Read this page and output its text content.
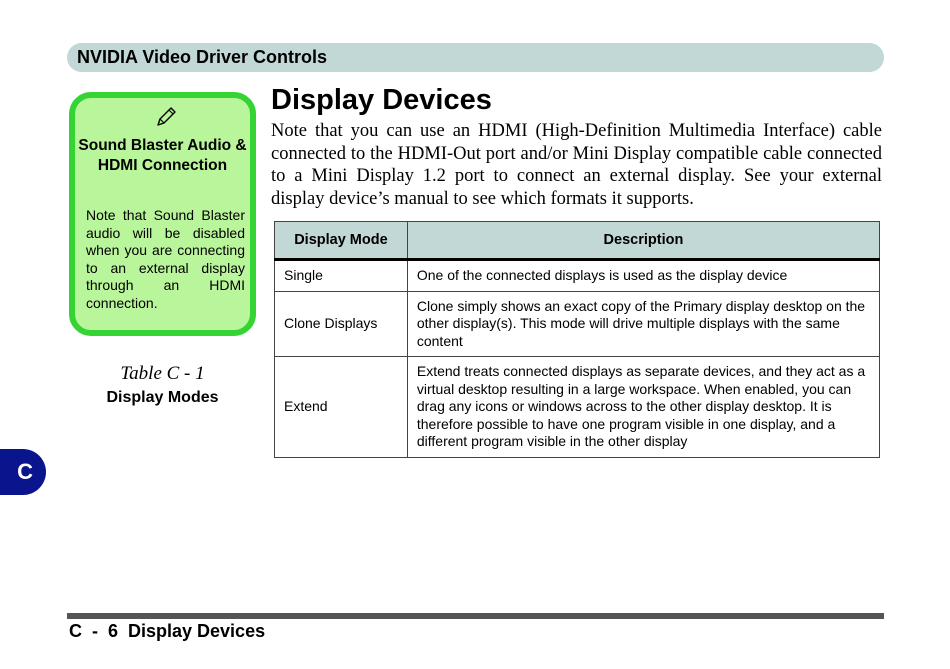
NVIDIA Video Driver Controls
Sound Blaster Audio & HDMI Connection
Note that Sound Blaster audio will be disabled when you are connecting to an external display through an HDMI connection.
Table C - 1
Display Modes
C
Display Devices
Note that you can use an HDMI (High-Definition Multimedia Interface) cable connected to the HDMI-Out port and/or Mini Display compatible cable connected to a Mini Display 1.2 port to connect an external display. See your external display device’s manual to see which formats it supports.
Display Mode	Description
Single	One of the connected displays is used as the display device
Clone Displays	Clone simply shows an exact copy of the Primary display desktop on the other display(s). This mode will drive multiple displays with the same content
Extend	Extend treats connected displays as separate devices, and they act as a virtual desktop resulting in a large workspace. When enabled, you can drag any icons or windows across to the other display desktop. It is therefore possible to have one program visible in one display, and a different program visible in the other display
C  -  6  Display Devices
